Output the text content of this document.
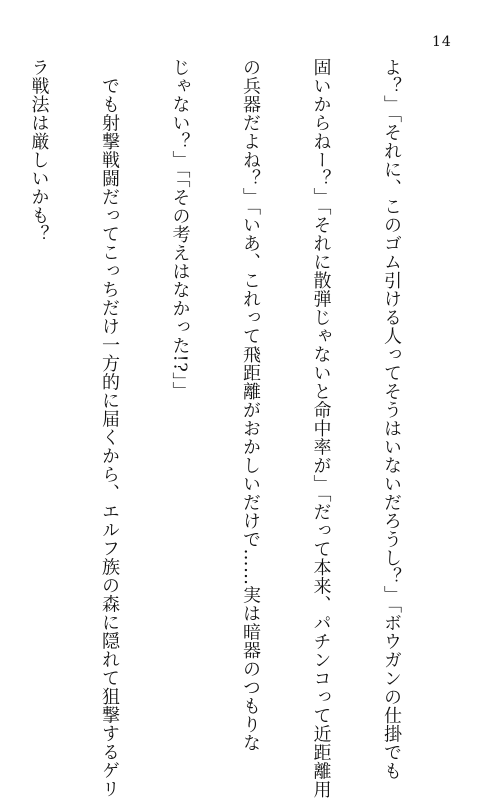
14

よ？」「それに、このゴム引ける人ってそうはいないだろうし？」「ボウガンの仕掛でも

固いからねー？」「それに散弾じゃないと命中率が」「だって本来、パチンコって近距離用

の兵器だよね？」「いあ、これって飛距離がおかしいだけで……実は暗器のつもりな

じゃない？」「「その考えはなかった!?」」

　でも射撃戦闘だってこっちだけ一方的に届くから、エルフ族の森に隠れて狙撃するゲリ

ラ戦法は厳しいかも？
